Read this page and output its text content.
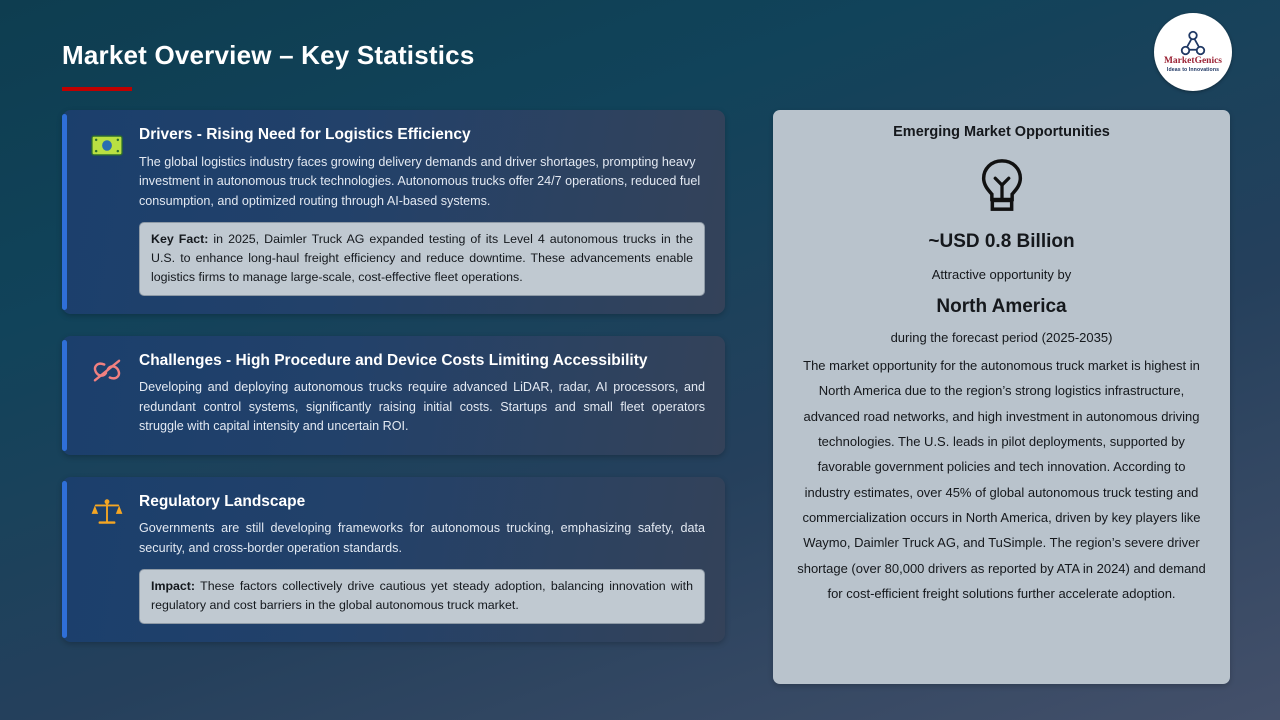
Market Overview – Key Statistics	MarketGenics
Ideas to Innovations
Drivers - Rising Need for Logistics Efficiency
The global logistics industry faces growing delivery demands and driver shortages, prompting heavy investment in autonomous truck technologies. Autonomous trucks offer 24/7 operations, reduced fuel consumption, and optimized routing through AI-based systems.
Key Fact: in 2025, Daimler Truck AG expanded testing of its Level 4 autonomous trucks in the U.S. to enhance long-haul freight efficiency and reduce downtime. These advancements enable logistics firms to manage large-scale, cost-effective fleet operations.
Challenges - High Procedure and Device Costs Limiting Accessibility
Developing and deploying autonomous trucks require advanced LiDAR, radar, AI processors, and redundant control systems, significantly raising initial costs. Startups and small fleet operators struggle with capital intensity and uncertain ROI.
Regulatory Landscape
Governments are still developing frameworks for autonomous trucking, emphasizing safety, data security, and cross-border operation standards.
Impact: These factors collectively drive cautious yet steady adoption, balancing innovation with regulatory and cost barriers in the global autonomous truck market.
Emerging Market Opportunities
~USD 0.8 Billion
Attractive opportunity by
North America
during the forecast period (2025-2035)
The market opportunity for the autonomous truck market is highest in North America due to the region’s strong logistics infrastructure, advanced road networks, and high investment in autonomous driving technologies. The U.S. leads in pilot deployments, supported by favorable government policies and tech innovation. According to industry estimates, over 45% of global autonomous truck testing and commercialization occurs in North America, driven by key players like Waymo, Daimler Truck AG, and TuSimple. The region’s severe driver shortage (over 80,000 drivers as reported by ATA in 2024) and demand for cost-efficient freight solutions further accelerate adoption.
